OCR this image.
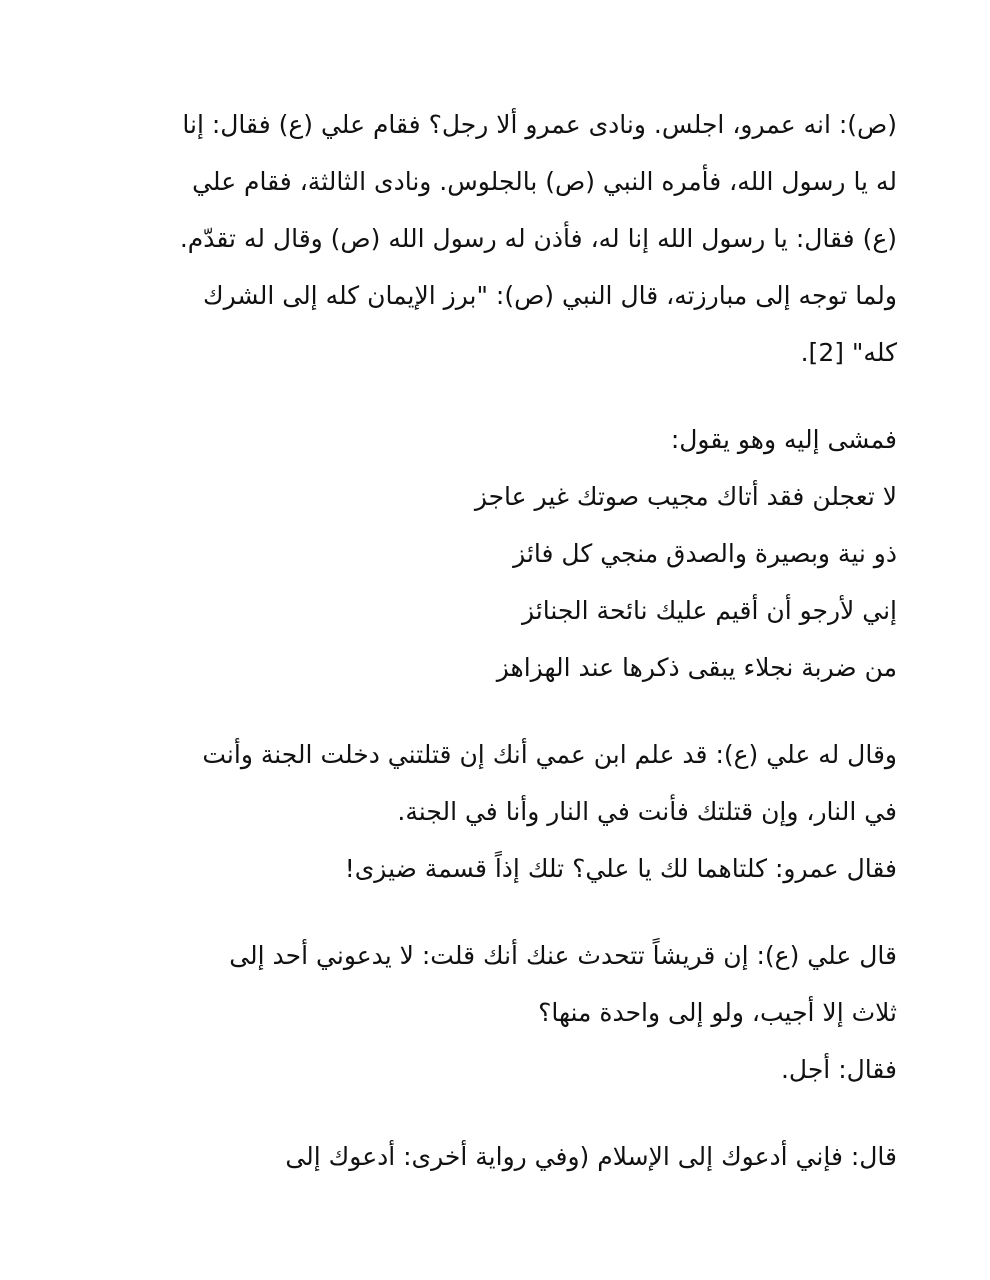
(ص): انه عمرو، اجلس. ونادى عمرو ألا رجل؟ فقام علي (ع) فقال: إنا
له يا رسول الله، فأمره النبي (ص) بالجلوس. ونادى الثالثة، فقام علي
(ع) فقال: يا رسول الله إنا له، فأذن له رسول الله (ص) وقال له تقدّم.
ولما توجه إلى مبارزته، قال النبي (ص): "برز الإيمان كله إلى الشرك
كله" [2].
فمشى إليه وهو يقول:
لا تعجلن فقد أتاك مجيب صوتك غير عاجز
ذو نية وبصيرة والصدق منجي كل فائز
إني لأرجو أن أقيم عليك نائحة الجنائز
من ضربة نجلاء يبقى ذكرها عند الهزاهز
وقال له علي (ع): قد علم ابن عمي أنك إن قتلتني دخلت الجنة وأنت
في النار، وإن قتلتك فأنت في النار وأنا في الجنة.
فقال عمرو: كلتاهما لك يا علي؟ تلك إذاً قسمة ضيزى!
قال علي (ع): إن قريشاً تتحدث عنك أنك قلت: لا يدعوني أحد إلى
ثلاث إلا أجيب، ولو إلى واحدة منها؟
فقال: أجل.
قال: فإني أدعوك إلى الإسلام (وفي رواية أخرى: أدعوك إلى
